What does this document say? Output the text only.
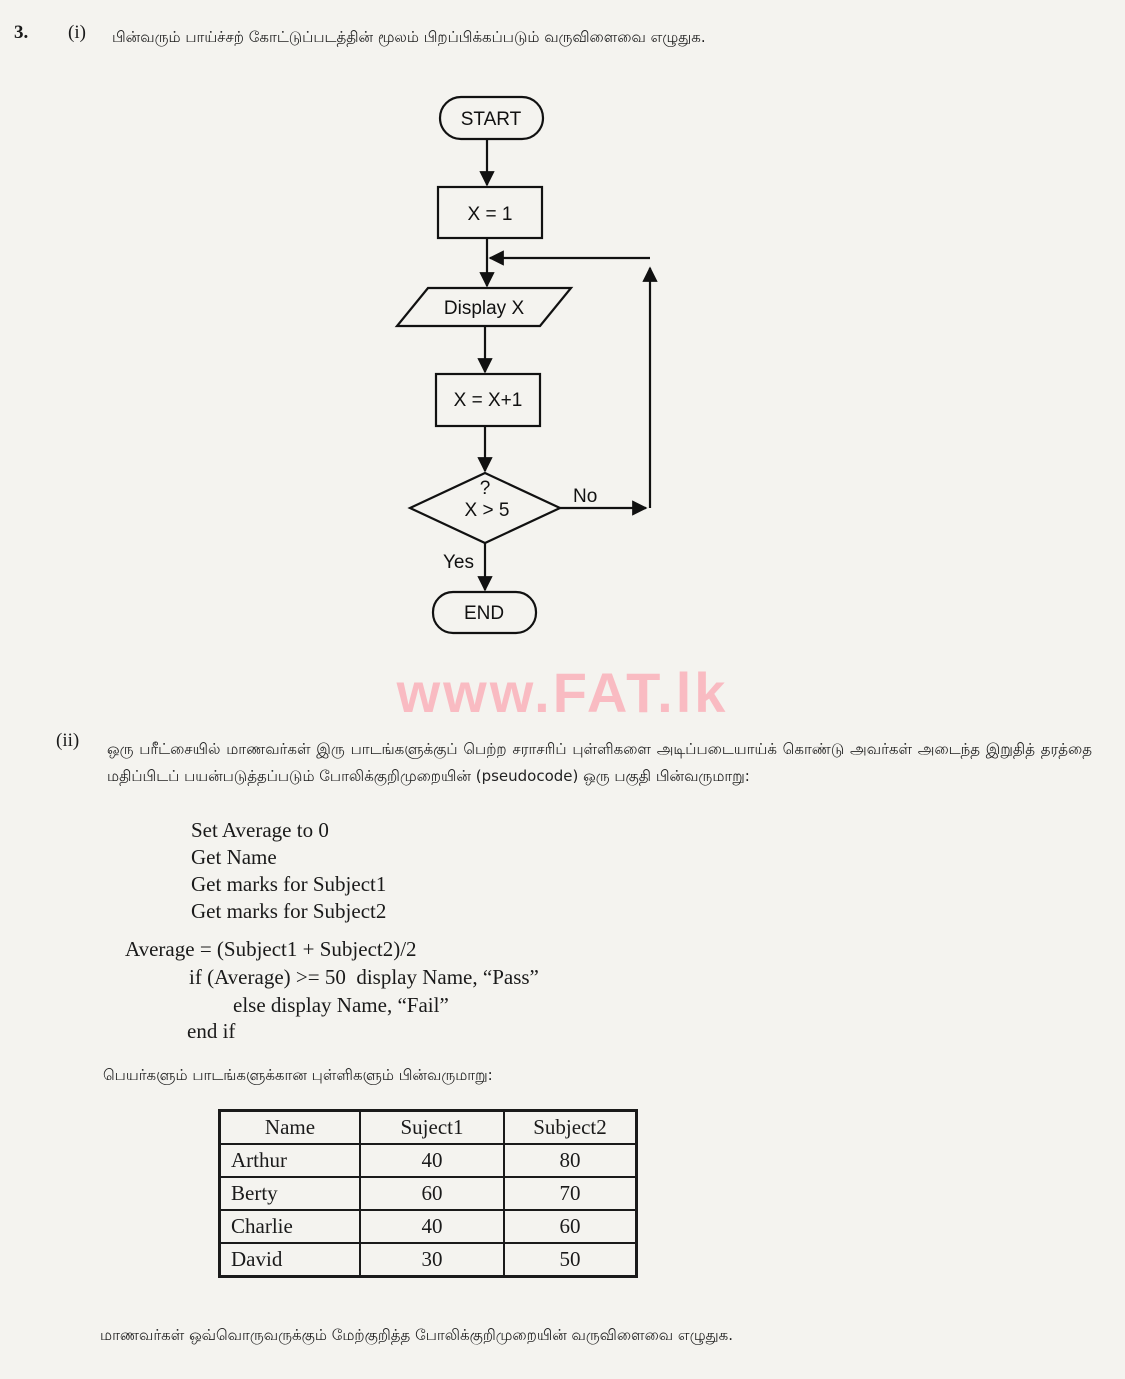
3. (i) பின்வரும் பாய்ச்சற் கோட்டுப்படத்தின் மூலம் பிறப்பிக்கப்படும் வருவிளைவை எழுதுக.
START
X = 1
Display X
X = X+1
?
X > 5
No
Yes
END
www.FAT.lk
(ii) ஒரு பரீட்சையில் மாணவர்கள் இரு பாடங்களுக்குப் பெற்ற சராசரிப் புள்ளிகளை அடிப்படையாய்க் கொண்டு அவர்கள் அடைந்த இறுதித் தரத்தை மதிப்பிடப் பயன்படுத்தப்படும் போலிக்குறிமுறையின் (pseudocode) ஒரு பகுதி பின்வருமாறு:
Set Average to 0
Get Name
Get marks for Subject1
Get marks for Subject2
Average = (Subject1 + Subject2)/2
if (Average) >= 50  display Name, “Pass”
else display Name, “Fail”
end if
பெயர்களும் பாடங்களுக்கான புள்ளிகளும் பின்வருமாறு:
Name	Suject1	Subject2
Arthur	40	80
Berty	60	70
Charlie	40	60
David	30	50
மாணவர்கள் ஒவ்வொருவருக்கும் மேற்குறித்த போலிக்குறிமுறையின் வருவிளைவை எழுதுக.
